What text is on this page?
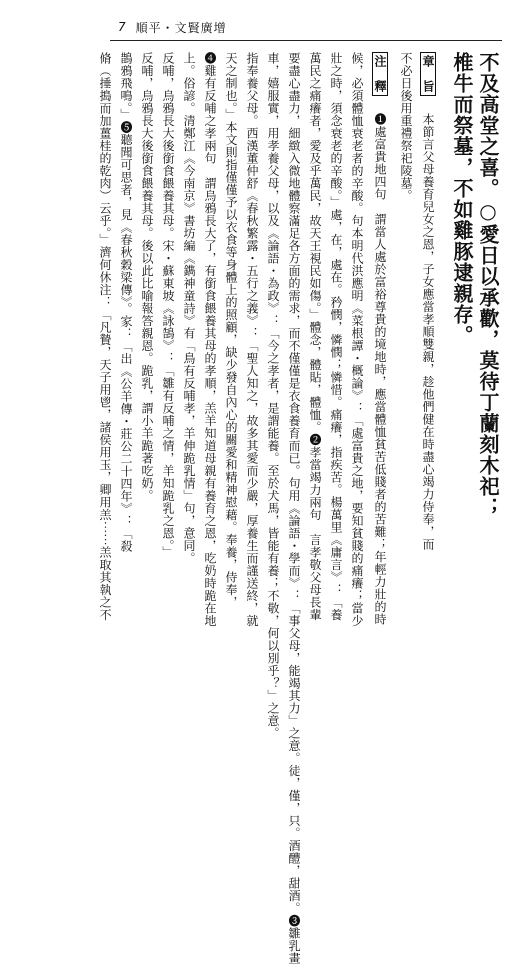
7 順平・文賢廣增
不及高堂之喜。○愛日以承歡，莫待丁蘭刻木祀；
椎牛而祭墓，不如雞豚逮親存。
章　旨 本節言父母養育兒女之恩，子女應當孝順雙親，趁他們健在時盡心竭力侍奉，而
不必日後用重禮祭祀陵墓。
注　釋 ❶處富貴地四句　謂當人處於富裕尊貴的境地時，應當體恤貧苦低賤者的苦難；年輕力壯的時
候，必須體恤衰老者的辛酸。句本明代洪應明《菜根譚・概論》：「處富貴之地，要知貧賤的痛癢；當少
壯之時，須念衰老的辛酸。」處，在，處在。矜憫，憐憫；憐惜。痛癢，指疾苦。楊萬里《庸言》：「養
萬民之痛癢者，愛及乎萬民，故天王視民如傷。」體念，體貼，體恤。❷孝當竭力兩句　言孝敬父母長輩
要盡心盡力，細緻入微地體察滿足各方面的需求，而不僅僅是衣食養育而已。句用《論語・學而》：「事父母，能竭其力」之意。徒，僅，只。酒醴，甜酒。❸雛乳畫
車，嬉服實，用孝養父母，以及《論語・為政》：「今之孝者，是謂能養。至於犬馬，皆能有養；不敬，何以別乎？」之意。
指奉養父母。西漢董仲舒《春秋繁露・五行之義》：「聖人知之，故多其愛而少嚴，厚養生而謹送終，就
天之制也。」本文則指僅僅予以衣食等身體上的照顧，缺少發自內心的關愛和精神慰藉。奉養，侍奉，
❹雞有反哺之孝兩句　謂烏鴉長大了，有銜食餵養其母的孝順，羔羊知道母親有養育之恩，吃奶時跪在地
上。俗諺。清鄭江《今南京》書坊編《鐫神童詩》有「鳥有反哺孝，羊伸跪乳情」句，意同。
反哺，烏鴉長大後銜食餵養其母。宋・蘇東坡《詠鵠》：「雛有反哺之情，羊知跪乳之恩。」
反哺，烏鴉長大後銜食餵養其母。後以此比喻報答親恩。跪乳，謂小羊跪著吃奶。
鵲鴉飛鳴。」❺聽聞可思者，見《春秋穀梁傳》。家：「出《公羊傳・莊公二十四年》：「殺
脩（捶搗而加薑桂的乾肉）云乎。」濟何休注：「凡贄，天子用鬯，諸侯用玉，卿用羔⋯⋯羔取其執之不
